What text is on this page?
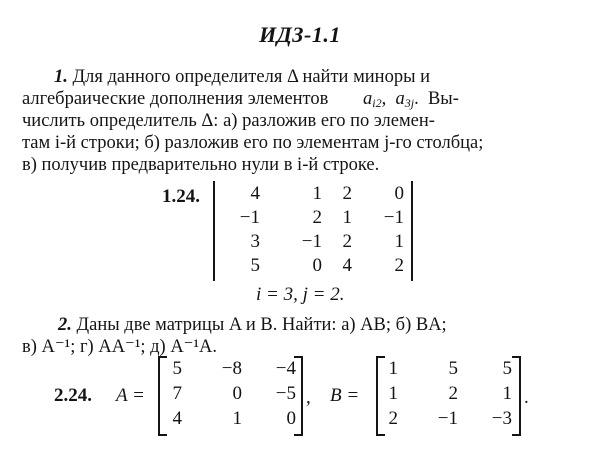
ИДЗ-1.1
1. Для данного определителя Δ найти миноры и
алгебраические дополнения элементов $a_{i2}$,  $a_{3j}$.  Вы-
числить определитель Δ: а) разложив его по элемен-
там i-й строки; б) разложив его по элементам j-го столбца;
в) получив предварительно нули в i-й строке.
1.24.	4	1	2	0
−1	2	1	−1
3	−1	2	1
5	0	4	2
i = 3, j = 2.
2. Даны две матрицы A и B. Найти: а) AB; б) BA;
в) A⁻¹; г) AA⁻¹; д) A⁻¹A.
2.24. A =
5	−8	−4
7	0	−5
4	1	0
, B =
1	5	5
1	2	1
2	−1	−3
.
